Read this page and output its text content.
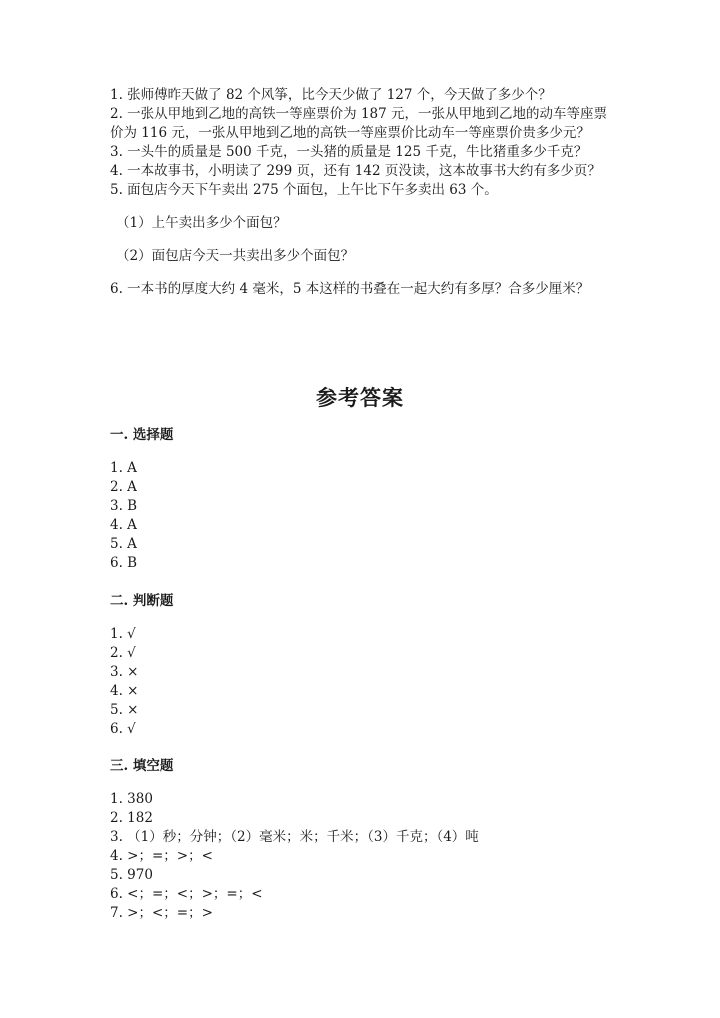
1. 张师傅昨天做了 82 个风筝，比今天少做了 127 个，今天做了多少个？

2. 一张从甲地到乙地的高铁一等座票价为 187 元，一张从甲地到乙地的动车等座票价为 116 元，一张从甲地到乙地的高铁一等座票价比动车一等座票价贵多少元？

3. 一头牛的质量是 500 千克，一头猪的质量是 125 千克，牛比猪重多少千克？

4. 一本故事书，小明读了 299 页，还有 142 页没读，这本故事书大约有多少页？

5. 面包店今天下午卖出 275 个面包，上午比下午多卖出 63 个。

（1）上午卖出多少个面包？

（2）面包店今天一共卖出多少个面包？

6. 一本书的厚度大约 4 毫米，5 本这样的书叠在一起大约有多厚？合多少厘米？

参考答案

一. 选择题

1. A
2. A
3. B
4. A
5. A
6. B

二. 判断题

1. √
2. √
3. ×
4. ×
5. ×
6. √

三. 填空题

1. 380
2. 182
3. （1）秒；分钟；（2）毫米；米；千米；（3）千克；（4）吨
4. >；=；>；<
5. 970
6. <；=；<；>；=；<
7. >；<；=；>
